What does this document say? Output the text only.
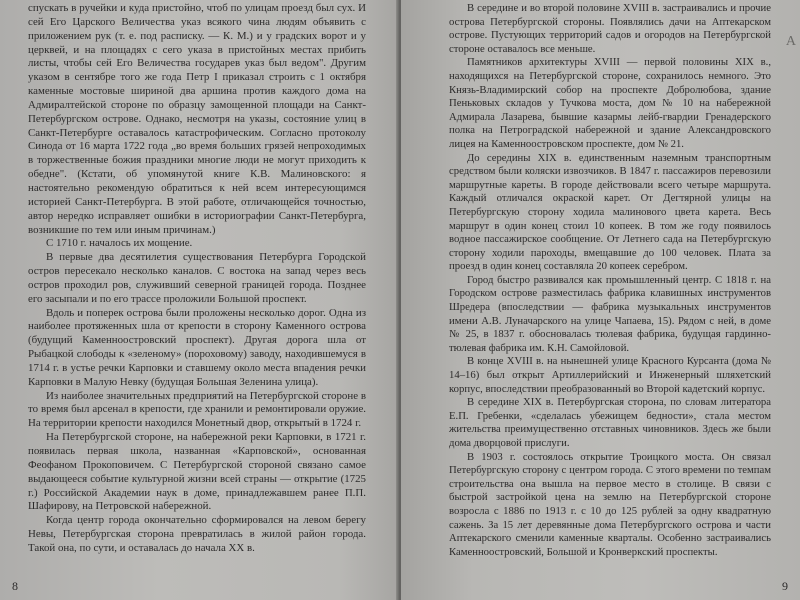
спускать в ручейки и куда пристойно, чтоб по улицам проезд был сух. И сей Его Царского Величества указ всякого чина людям объявить с приложением рук (т. е. под расписку. — К. М.) и у градских ворот и у церквей, и на площадях с сего указа в пристойных местах прибить листы, чтобы сей Его Величества государев указ был ведом". Другим указом в сентябре того же года Петр I приказал строить с 1 октября каменные мостовые шириной два аршина против каждого дома на Адмиралтейской стороне по образцу замощенной площади на Санкт-Петербургском острове. Однако, несмотря на указы, состояние улиц в Санкт-Петербурге оставалось катастрофическим. Согласно протоколу Синода от 16 марта 1722 года „во время больших грязей непроходимых в торжественные божия праздники многие люди не могут приходить к обедне". (Кстати, об упомянутой книге К.В. Малиновского: я настоятельно рекомендую обратиться к ней всем интересующимся историей Санкт-Петербурга. В этой работе, отличающейся точностью, автор нередко исправляет ошибки в историографии Санкт-Петербурга, возникшие по тем или иным причинам.)

С 1710 г. началось их мощение.

В первые два десятилетия существования Петербурга Городской остров пересекало несколько каналов. С востока на запад через весь остров проходил ров, служивший северной границей города. Позднее его засыпали и по его трассе проложили Большой проспект.

Вдоль и поперек острова были проложены несколько дорог. Одна из наиболее протяженных шла от крепости в сторону Каменного острова (будущий Каменноостровский проспект). Другая дорога шла от Рыбацкой слободы к «зеленому» (пороховому) заводу, находившемуся в 1714 г. в устье речки Карповки и ставшему около места впадения речки Карповки в Малую Невку (будущая Большая Зеленина улица).

Из наиболее значительных предприятий на Петербургской стороне в то время был арсенал в крепости, где хранили и ремонтировали оружие. На территории крепости находился Монетный двор, открытый в 1724 г.

На Петербургской стороне, на набережной реки Карповки, в 1721 г. появилась первая школа, названная «Карповской», основанная Феофаном Прокоповичем. С Петербургской стороной связано самое выдающееся событие культурной жизни всей страны — открытие (1725 г.) Российской Академии наук в доме, принадлежавшем ранее П.П. Шафирову, на Петровской набережной.

Когда центр города окончательно сформировался на левом берегу Невы, Петербургская сторона превратилась в жилой район города. Такой она, по сути, и оставалась до начала XX в.

8

В середине и во второй половине XVIII в. застраивались и прочие острова Петербургской стороны. Появлялись дачи на Аптекарском острове. Пустующих территорий садов и огородов на Петербургской стороне оставалось все меньше.

Памятников архитектуры XVIII — первой половины XIX в., находящихся на Петербургской стороне, сохранилось немного. Это Князь-Владимирский собор на проспекте Добролюбова, здание Пеньковых складов у Тучкова моста, дом № 10 на набережной Адмирала Лазарева, бывшие казармы лейб-гвардии Гренадерского полка на Петроградской набережной и здание Александровского лицея на Каменноостровском проспекте, дом № 21.

До середины XIX в. единственным наземным транспортным средством были коляски извозчиков. В 1847 г. пассажиров перевозили маршрутные кареты. В городе действовали всего четыре маршрута. Каждый отличался окраской карет. От Дегтярной улицы на Петербургскую сторону ходила малинового цвета карета. Весь маршрут в один конец стоил 10 копеек. В том же году появилось водное пассажирское сообщение. От Летнего сада на Петербургскую сторону ходили пароходы, вмещавшие до 100 человек. Плата за проезд в один конец составляла 20 копеек серебром.

Город быстро развивался как промышленный центр. С 1818 г. на Городском острове разместилась фабрика клавишных инструментов Шредера (впоследствии — фабрика музыкальных инструментов имени А.В. Луначарского на улице Чапаева, 15). Рядом с ней, в доме № 25, в 1837 г. обосновалась тюлевая фабрика, будущая гардинно-тюлевая фабрика им. К.Н. Самойловой.

В конце XVIII в. на нынешней улице Красного Курсанта (дома № 14–16) был открыт Артиллерийский и Инженерный шляхетский корпус, впоследствии преобразованный во Второй кадетский корпус.

В середине XIX в. Петербургская сторона, по словам литератора Е.П. Гребенки, «сделалась убежищем бедности», стала местом жительства преимущественно отставных чиновников. Здесь же были дома дворцовой прислуги.

В 1903 г. состоялось открытие Троицкого моста. Он связал Петербургскую сторону с центром города. С этого времени по темпам строительства она вышла на первое место в столице. В связи с быстрой застройкой цена на землю на Петербургской стороне возросла с 1886 по 1913 г. с 10 до 125 рублей за одну квадратную сажень. За 15 лет деревянные дома Петербургского острова и части Аптекарского сменили каменные кварталы. Особенно застраивались Каменноостровский, Большой и Кронверкский проспекты.

А
9
